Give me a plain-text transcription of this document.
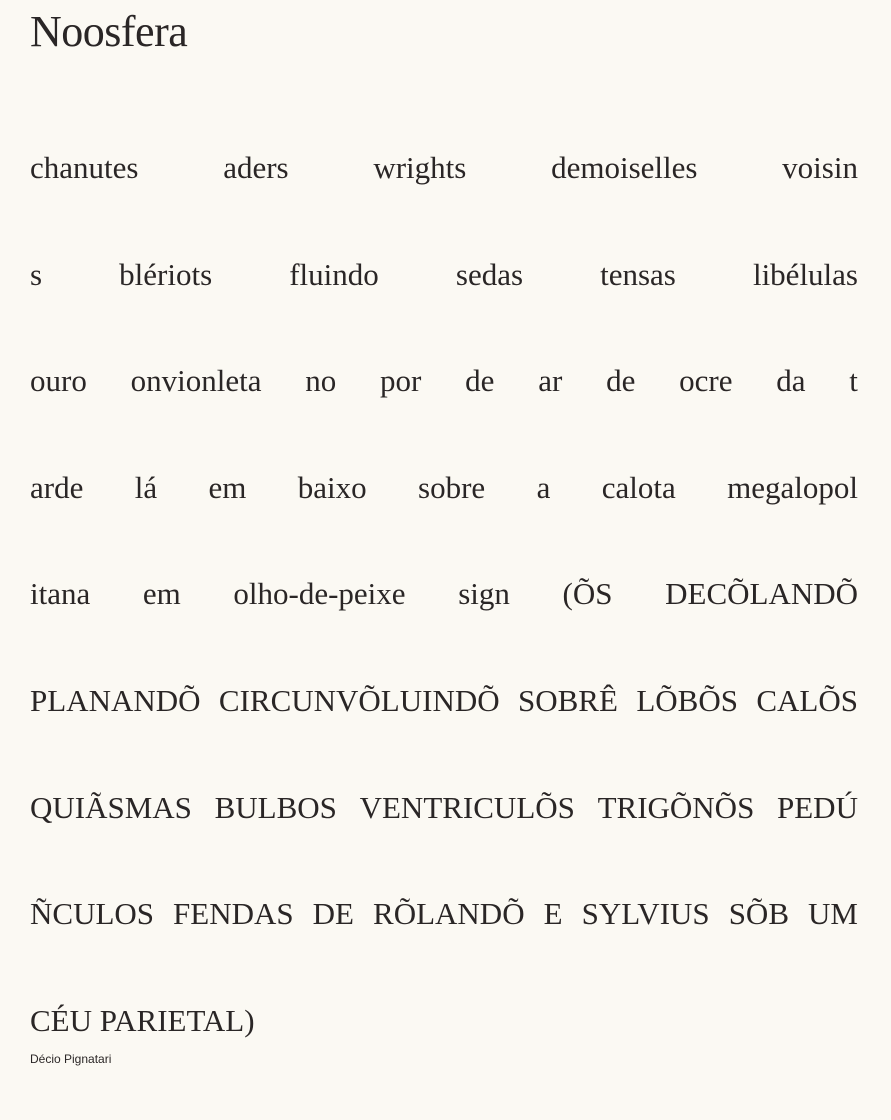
Noosfera
chanutes	aders	wrights	demoiselles	voisin
s blériots fluindo sedas tensas libélulas
ouro onvionleta no por de ar de ocre da t
arde lá em baixo sobre a calota megalopol
itana em olho-de-peixe sign (ÕS DECÕLANDÕ
PLANANDÕ CIRCUNVÕLUINDÕ SOBRÊ LÕBÕS CALÕS
QUIÃSMAS BULBOS VENTRICULÕS TRIGÕNÕS PEDÚ
ÑCULOS FENDAS DE RÕLANDÕ E SYLVIUS SÕB UM
CÉU
PARIETAL)
Décio Pignatari
